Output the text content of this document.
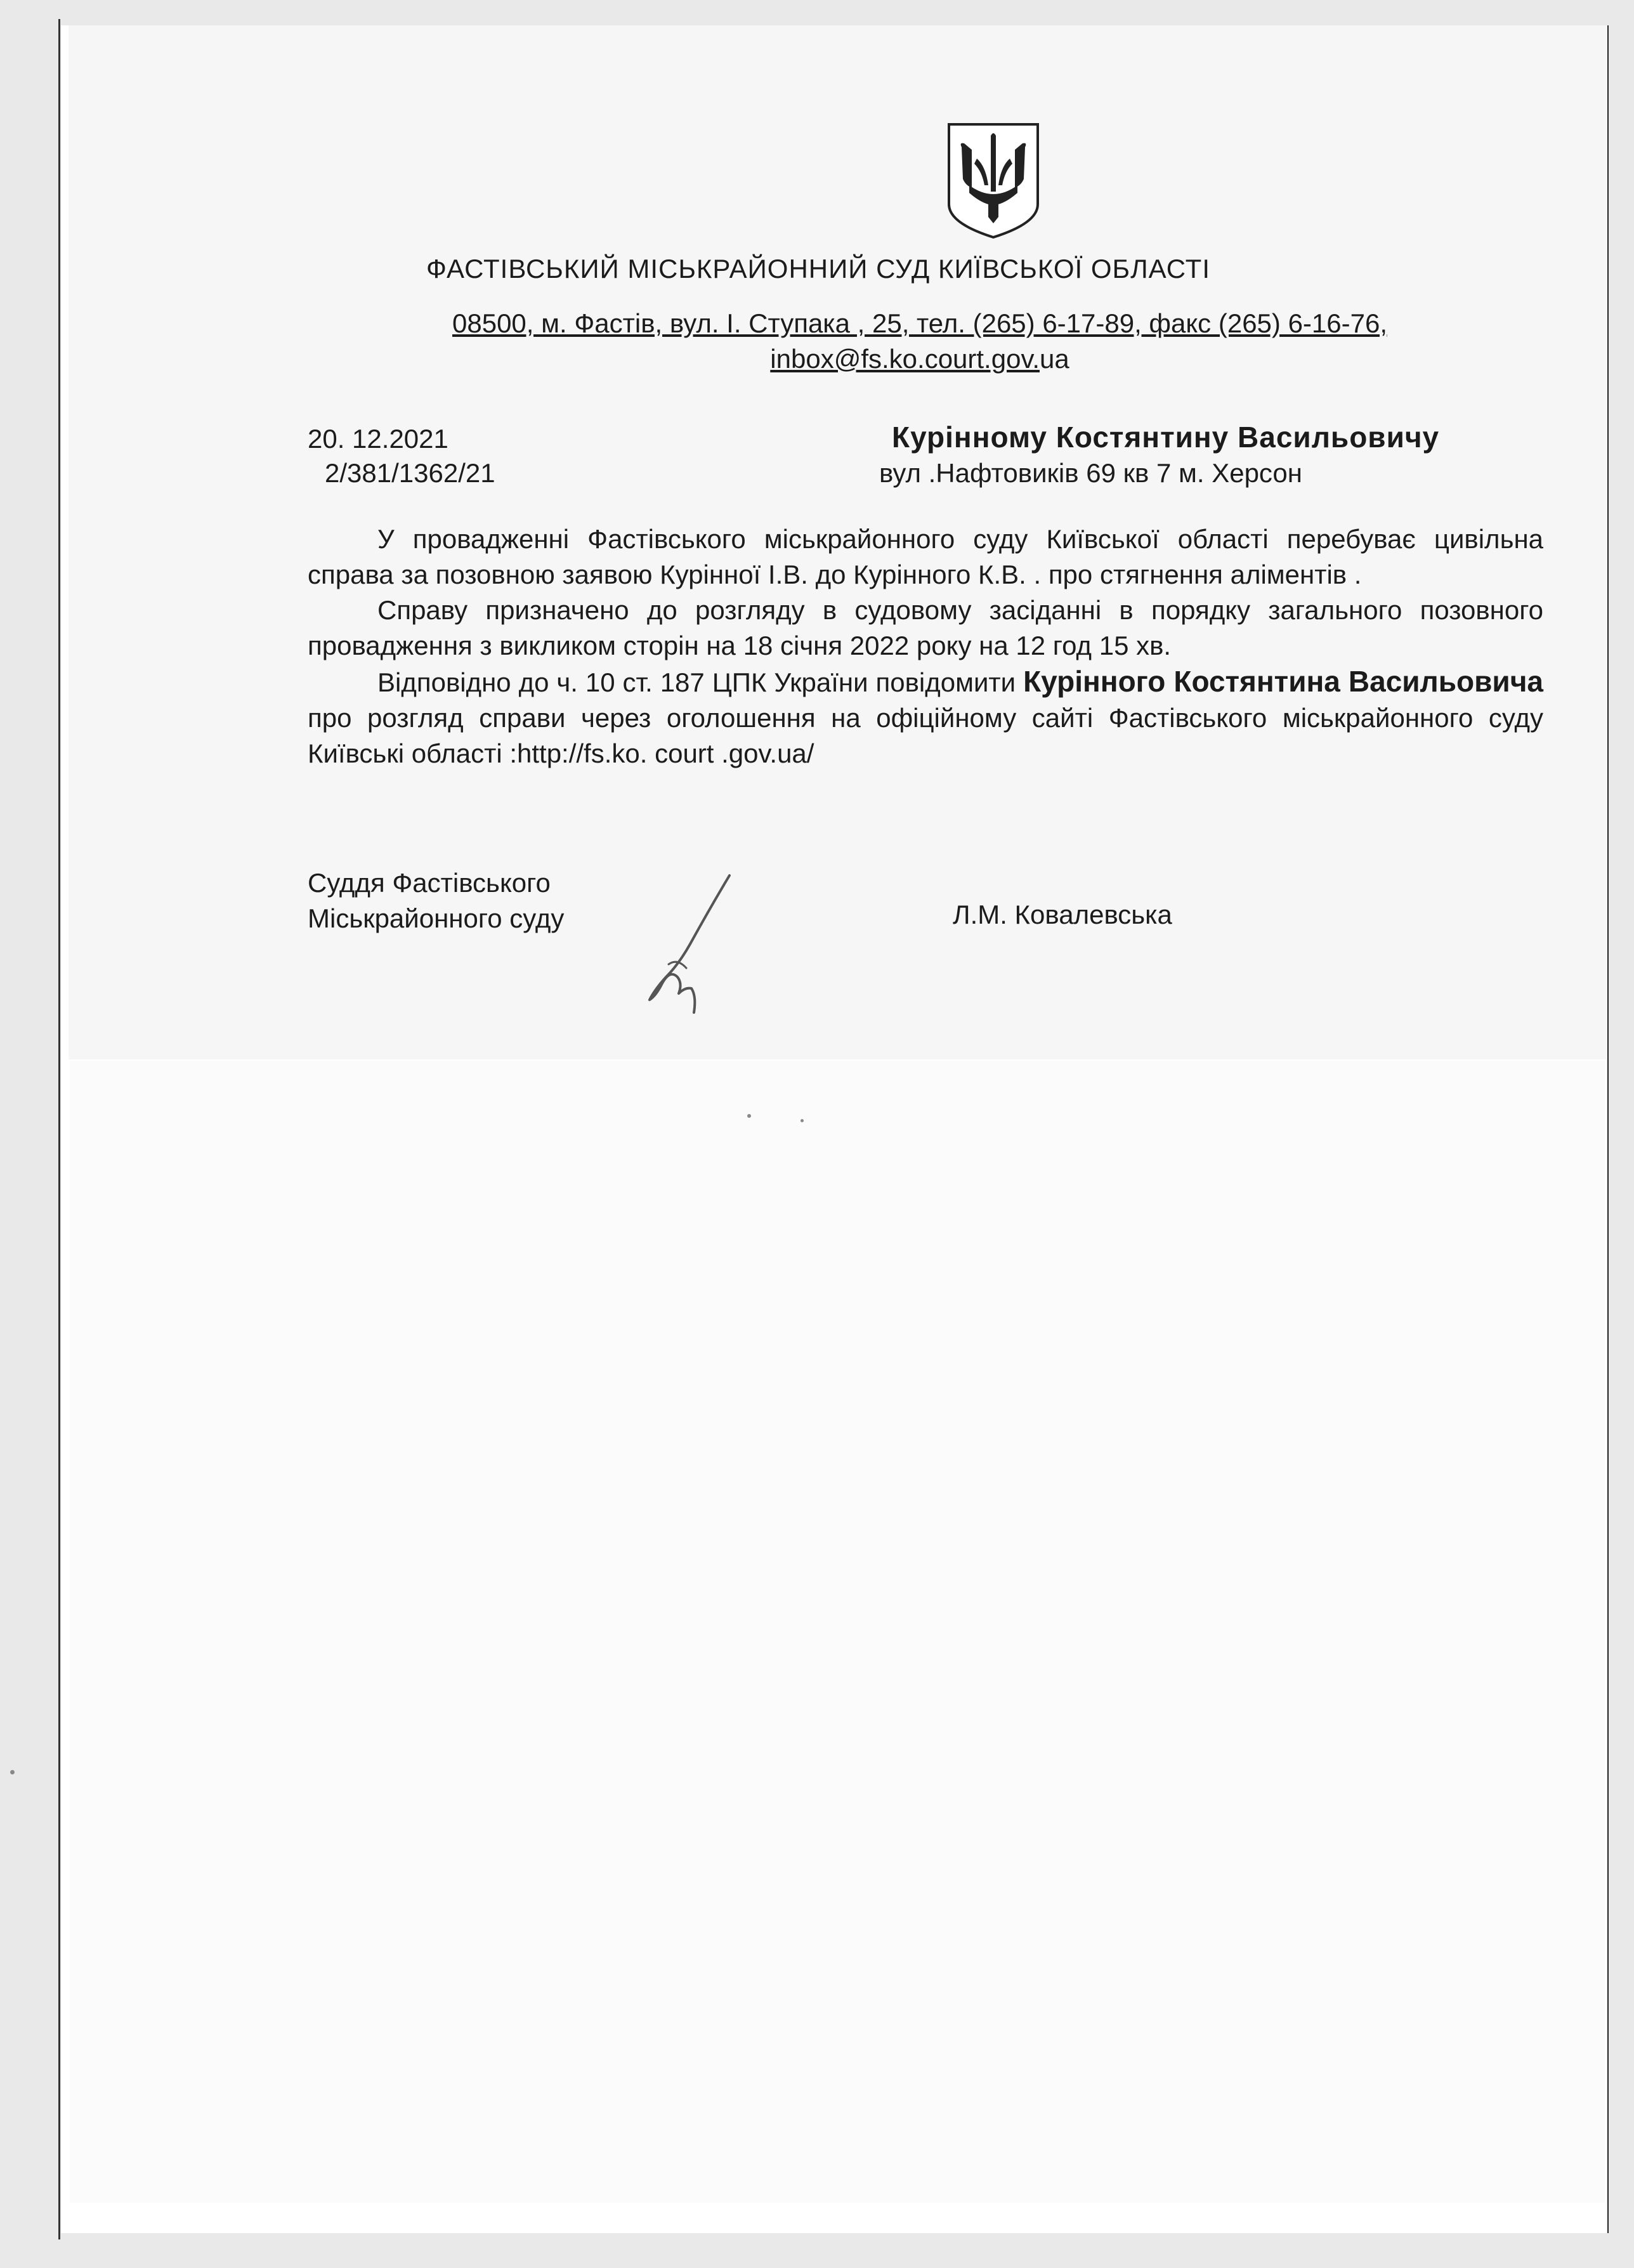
ФАСТІВСЬКИЙ МІСЬКРАЙОННИЙ СУД КИЇВСЬКОЇ ОБЛАСТІ
08500, м. Фастів, вул. І. Ступака , 25, тел. (265) 6-17-89, факс (265) 6-16-76,
inbox@fs.ko.court.gov.ua
20. 12.2021
2/381/1362/21
Курінному Костянтину Васильовичу
вул .Нафтовиків 69 кв 7 м. Херсон

У провадженні Фастівського міськрайонного суду Київської області перебуває цивільна справа за позовною заявою Курінної І.В. до Курінного К.В. . про стягнення аліментів .

Справу призначено до розгляду в судовому засіданні в порядку загального позовного провадження з викликом сторін на 18 січня 2022 року на 12 год 15 хв.

Відповідно до ч. 10 ст. 187 ЦПК України повідомити Курінного Костянтина Васильовича про розгляд справи через оголошення на офіційному сайті Фастівського міськрайонного суду Київські області :http://fs.ko. court .gov.ua/

Суддя Фастівського
Міськрайонного суду	Л.М. Ковалевська
